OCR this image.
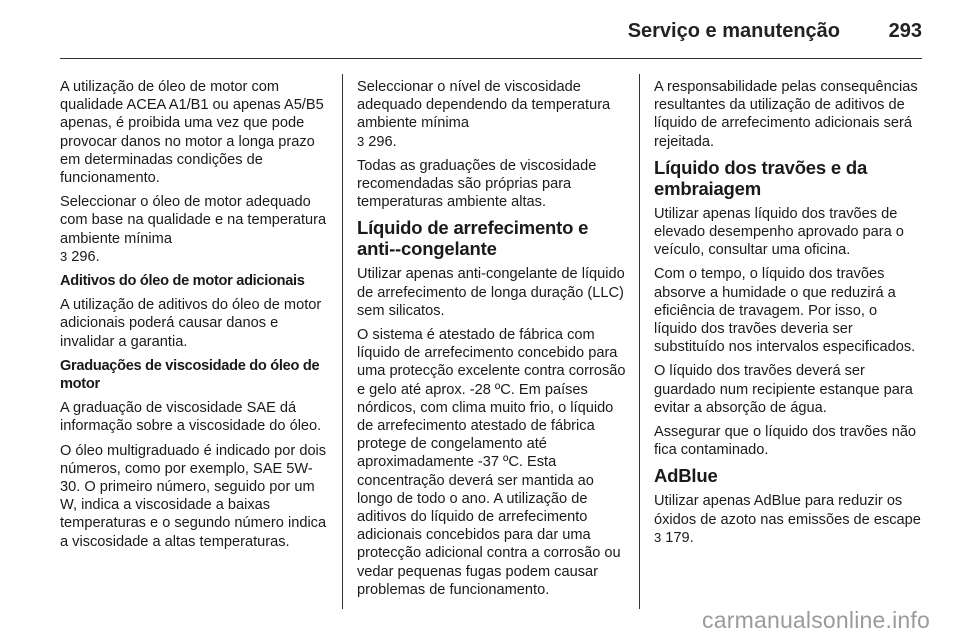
Serviço e manutenção 293

A utilização de óleo de motor com qualidade ACEA A1/B1 ou apenas A5/B5 apenas, é proibida uma vez que pode provocar danos no motor a longa prazo em determinadas condições de funcionamento.

Seleccionar o óleo de motor adequado com base na qualidade e na temperatura ambiente mínima
3 296.

Aditivos do óleo de motor adicionais

A utilização de aditivos do óleo de motor adicionais poderá causar danos e invalidar a garantia.

Graduações de viscosidade do óleo de motor

A graduação de viscosidade SAE dá informação sobre a viscosidade do óleo.

O óleo multigraduado é indicado por dois números, como por exemplo, SAE 5W-30. O primeiro número, seguido por um W, indica a viscosidade a baixas temperaturas e o segundo número indica a viscosidade a altas temperaturas.

Seleccionar o nível de viscosidade adequado dependendo da temperatura ambiente mínima
3 296.

Todas as graduações de viscosidade recomendadas são próprias para temperaturas ambiente altas.

Líquido de arrefecimento e anti--congelante

Utilizar apenas anti-congelante de líquido de arrefecimento de longa duração (LLC) sem silicatos.

O sistema é atestado de fábrica com líquido de arrefecimento concebido para uma protecção excelente contra corrosão e gelo até aprox. -28 ºC. Em países nórdicos, com clima muito frio, o líquido de arrefecimento atestado de fábrica protege de congelamento até aproximadamente -37 ºC. Esta concentração deverá ser mantida ao longo de todo o ano. A utilização de aditivos do líquido de arrefecimento adicionais concebidos para dar uma protecção adicional contra a corrosão ou vedar pequenas fugas podem causar problemas de funcionamento.

A responsabilidade pelas consequências resultantes da utilização de aditivos de líquido de arrefecimento adicionais será rejeitada.

Líquido dos travões e da embraiagem

Utilizar apenas líquido dos travões de elevado desempenho aprovado para o veículo, consultar uma oficina.

Com o tempo, o líquido dos travões absorve a humidade o que reduzirá a eficiência de travagem. Por isso, o líquido dos travões deveria ser substituído nos intervalos especificados.

O líquido dos travões deverá ser guardado num recipiente estanque para evitar a absorção de água.

Assegurar que o líquido dos travões não fica contaminado.

AdBlue

Utilizar apenas AdBlue para reduzir os óxidos de azoto nas emissões de escape 3 179.

carmanualsonline.info
